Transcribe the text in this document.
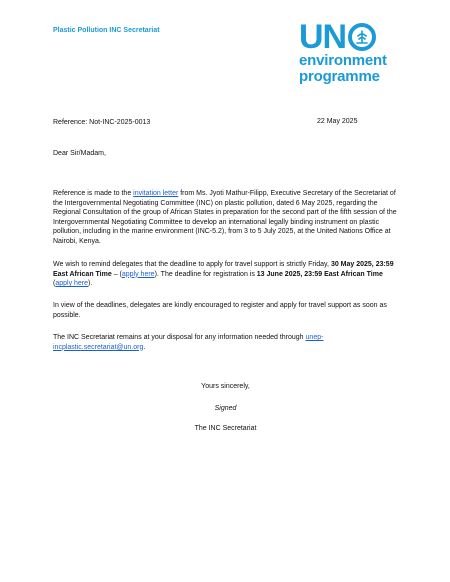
Plastic Pollution INC Secretariat	UN
environment
programme
Reference: Not-INC-2025-0013	22 May 2025
Dear Sir/Madam,
Reference is made to the invitation letter from Ms. Jyoti Mathur-Filipp, Executive Secretary of the Secretariat of the Intergovernmental Negotiating Committee (INC) on plastic pollution, dated 6 May 2025, regarding the Regional Consultation of the group of African States in preparation for the second part of the fifth session of the Intergovernmental Negotiating Committee to develop an international legally binding instrument on plastic pollution, including in the marine environment (INC-5.2), from 3 to 5 July 2025, at the United Nations Office at Nairobi, Kenya.
We wish to remind delegates that the deadline to apply for travel support is strictly Friday, 30 May 2025, 23:59 East African Time – (apply here). The deadline for registration is 13 June 2025, 23:59 East African Time (apply here).
In view of the deadlines, delegates are kindly encouraged to register and apply for travel support as soon as possible.
The INC Secretariat remains at your disposal for any information needed through unep-incplastic.secretariat@un.org.
Yours sincerely,
Signed
The INC Secretariat
